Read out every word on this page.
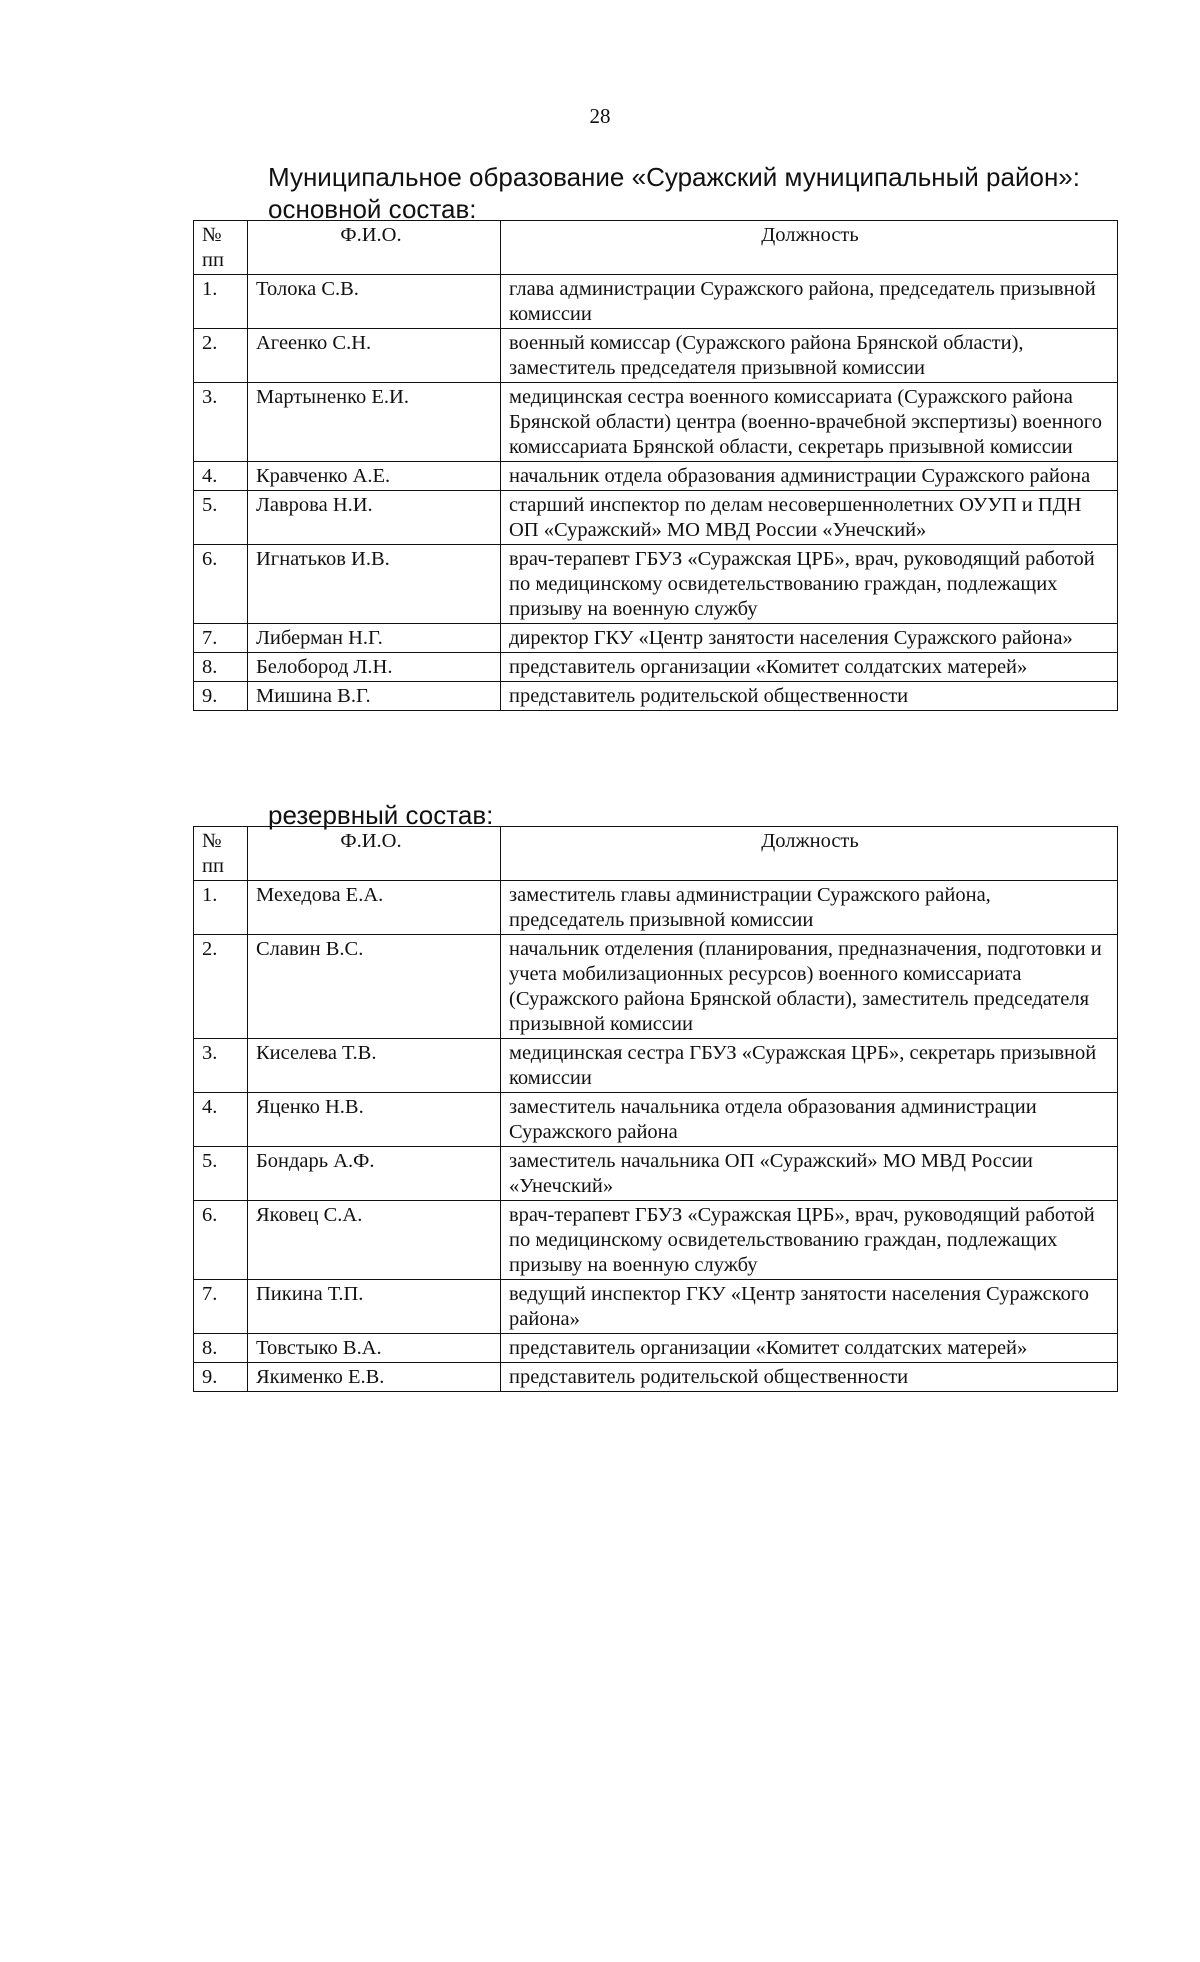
28
Муниципальное образование «Суражский муниципальный район»:
основной состав:
№ пп	Ф.И.О.	Должность
1.	Толока С.В.	глава администрации Суражского района, председатель призывной комиссии
2.	Агеенко С.Н.	военный комиссар (Суражского района Брянской области), заместитель председателя призывной комиссии
3.	Мартыненко Е.И.	медицинская сестра военного комиссариата (Суражского района Брянской области) центра (военно-врачебной экспертизы) военного комиссариата Брянской области, секретарь призывной комиссии
4.	Кравченко А.Е.	начальник отдела образования администрации Суражского района
5.	Лаврова Н.И.	старший инспектор по делам несовершеннолетних ОУУП и ПДН ОП «Суражский» МО МВД России «Унечский»
6.	Игнатьков И.В.	врач-терапевт ГБУЗ «Суражская ЦРБ», врач, руководящий работой по медицинскому освидетельствованию граждан, подлежащих призыву на военную службу
7.	Либерман Н.Г.	директор ГКУ «Центр занятости населения Суражского района»
8.	Белобород Л.Н.	представитель организации «Комитет солдатских матерей»
9.	Мишина В.Г.	представитель родительской общественности
резервный состав:
№ пп	Ф.И.О.	Должность
1.	Мехедова Е.А.	заместитель главы администрации Суражского района, председатель призывной комиссии
2.	Славин В.С.	начальник отделения (планирования, предназначения, подготовки и учета мобилизационных ресурсов) военного комиссариата (Суражского района Брянской области), заместитель председателя призывной комиссии
3.	Киселева Т.В.	медицинская сестра ГБУЗ «Суражская ЦРБ», секретарь призывной комиссии
4.	Яценко Н.В.	заместитель начальника отдела образования администрации Суражского района
5.	Бондарь А.Ф.	заместитель начальника ОП «Суражский» МО МВД России «Унечский»
6.	Яковец С.А.	врач-терапевт ГБУЗ «Суражская ЦРБ», врач, руководящий работой по медицинскому освидетельствованию граждан, подлежащих призыву на военную службу
7.	Пикина Т.П.	ведущий инспектор ГКУ «Центр занятости населения Суражского района»
8.	Товстыко В.А.	представитель организации «Комитет солдатских матерей»
9.	Якименко Е.В.	представитель родительской общественности
